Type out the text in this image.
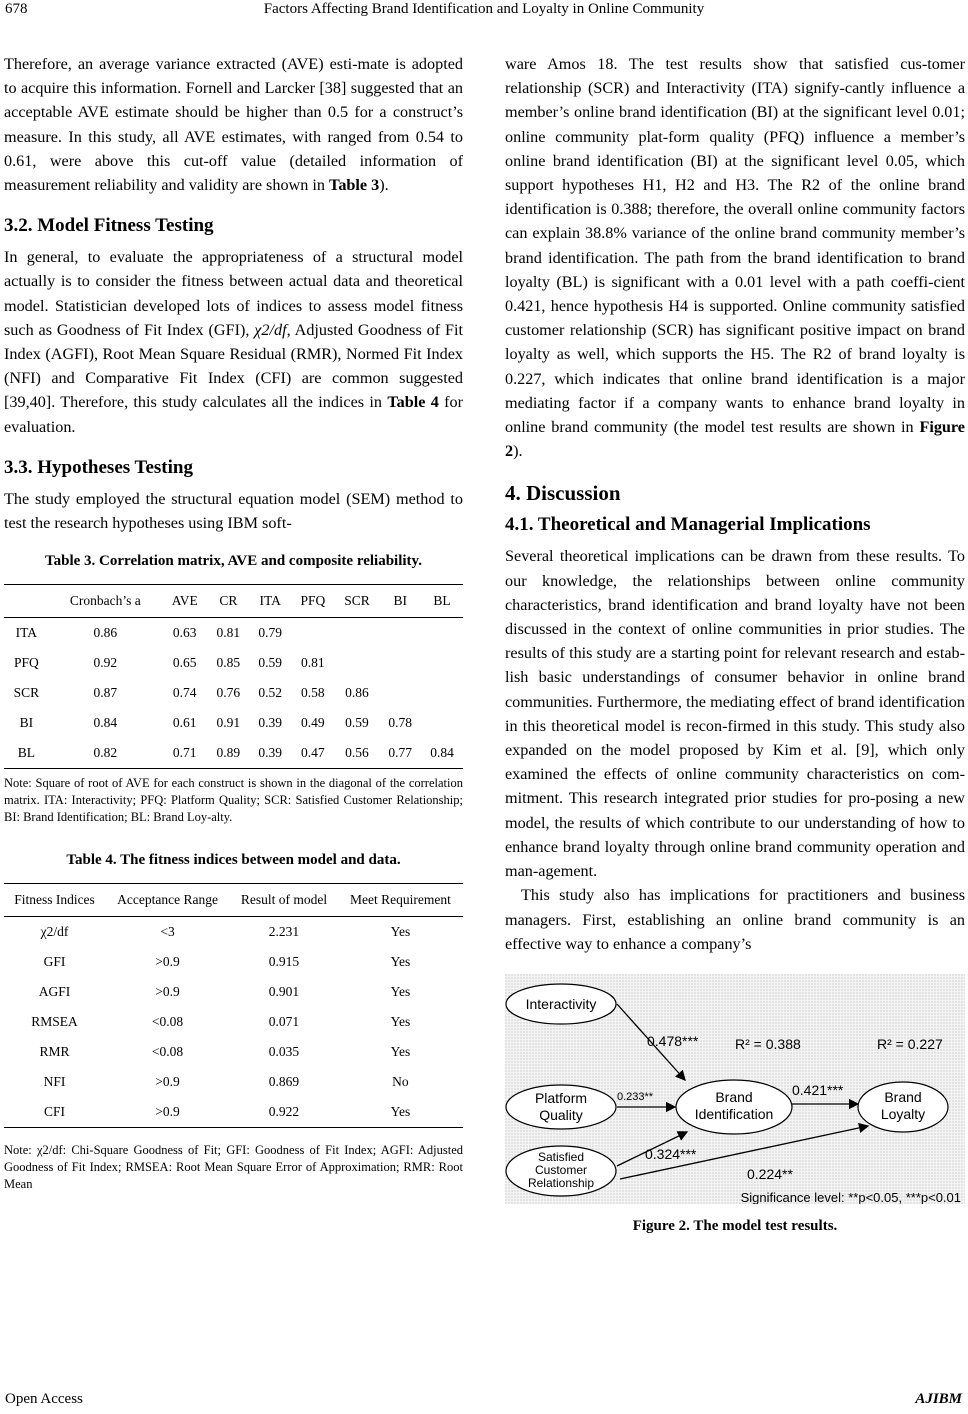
678	Factors Affecting Brand Identification and Loyalty in Online Community

Therefore, an average variance extracted (AVE) esti-mate is adopted to acquire this information. Fornell and Larcker [38] suggested that an acceptable AVE estimate should be higher than 0.5 for a construct’s measure. In this study, all AVE estimates, with ranged from 0.54 to 0.61, were above this cut-off value (detailed information of measurement reliability and validity are shown in Table 3).

3.2. Model Fitness Testing

In general, to evaluate the appropriateness of a structural model actually is to consider the fitness between actual data and theoretical model. Statistician developed lots of indices to assess model fitness such as Goodness of Fit Index (GFI), χ2/df, Adjusted Goodness of Fit Index (AGFI), Root Mean Square Residual (RMR), Normed Fit Index (NFI) and Comparative Fit Index (CFI) are common suggested [39,40]. Therefore, this study calculates all the indices in Table 4 for evaluation.

3.3. Hypotheses Testing

The study employed the structural equation model (SEM) method to test the research hypotheses using IBM soft-

Table 3. Correlation matrix, AVE and composite reliability.
	Cronbach’s a	AVE	CR	ITA	PFQ	SCR	BI	BL
ITA	0.86	0.63	0.81	0.79				
PFQ	0.92	0.65	0.85	0.59	0.81			
SCR	0.87	0.74	0.76	0.52	0.58	0.86		
BI	0.84	0.61	0.91	0.39	0.49	0.59	0.78	
BL	0.82	0.71	0.89	0.39	0.47	0.56	0.77	0.84
Note: Square of root of AVE for each construct is shown in the diagonal of the correlation matrix. ITA: Interactivity; PFQ: Platform Quality; SCR: Satisfied Customer Relationship; BI: Brand Identification; BL: Brand Loy-alty.
Table 4. The fitness indices between model and data.
Fitness Indices	Acceptance Range	Result of model	Meet Requirement
χ2/df	<3	2.231	Yes
GFI	>0.9	0.915	Yes
AGFI	>0.9	0.901	Yes
RMSEA	<0.08	0.071	Yes
RMR	<0.08	0.035	Yes
NFI	>0.9	0.869	No
CFI	>0.9	0.922	Yes
Note: χ2/df: Chi-Square Goodness of Fit; GFI: Goodness of Fit Index; AGFI: Adjusted Goodness of Fit Index; RMSEA: Root Mean Square Error of Approximation; RMR: Root Mean

ware Amos 18. The test results show that satisfied cus-tomer relationship (SCR) and Interactivity (ITA) signify-cantly influence a member’s online brand identification (BI) at the significant level 0.01; online community plat-form quality (PFQ) influence a member’s online brand identification (BI) at the significant level 0.05, which support hypotheses H1, H2 and H3. The R2 of the online brand identification is 0.388; therefore, the overall online community factors can explain 38.8% variance of the online brand community member’s brand identification. The path from the brand identification to brand loyalty (BL) is significant with a 0.01 level with a path coeffi-cient 0.421, hence hypothesis H4 is supported. Online community satisfied customer relationship (SCR) has significant positive impact on brand loyalty as well, which supports the H5. The R2 of brand loyalty is 0.227, which indicates that online brand identification is a major mediating factor if a company wants to enhance brand loyalty in online brand community (the model test results are shown in Figure 2).

4. Discussion
4.1. Theoretical and Managerial Implications

Several theoretical implications can be drawn from these results. To our knowledge, the relationships between online community characteristics, brand identification and brand loyalty have not been discussed in the context of online communities in prior studies. The results of this study are a starting point for relevant research and estab-lish basic understandings of consumer behavior in online brand communities. Furthermore, the mediating effect of brand identification in this theoretical model is recon-firmed in this study. This study also expanded on the model proposed by Kim et al. [9], which only examined the effects of online community characteristics on com-mitment. This research integrated prior studies for pro-posing a new model, the results of which contribute to our understanding of how to enhance brand loyalty through online brand community operation and man-agement.

This study also has implications for practitioners and business managers. First, establishing an online brand community is an effective way to enhance a company’s

Interactivity
Platform
Quality
Satisfied
Customer
Relationship
Brand
Identification
Brand
Loyalty
0.478***
0.233**
0.324***
0.421***
0.224**
R² = 0.388	R² = 0.227
Significance level: **p<0.05, ***p<0.01
Figure 2. The model test results.
Open Access	AJIBM
